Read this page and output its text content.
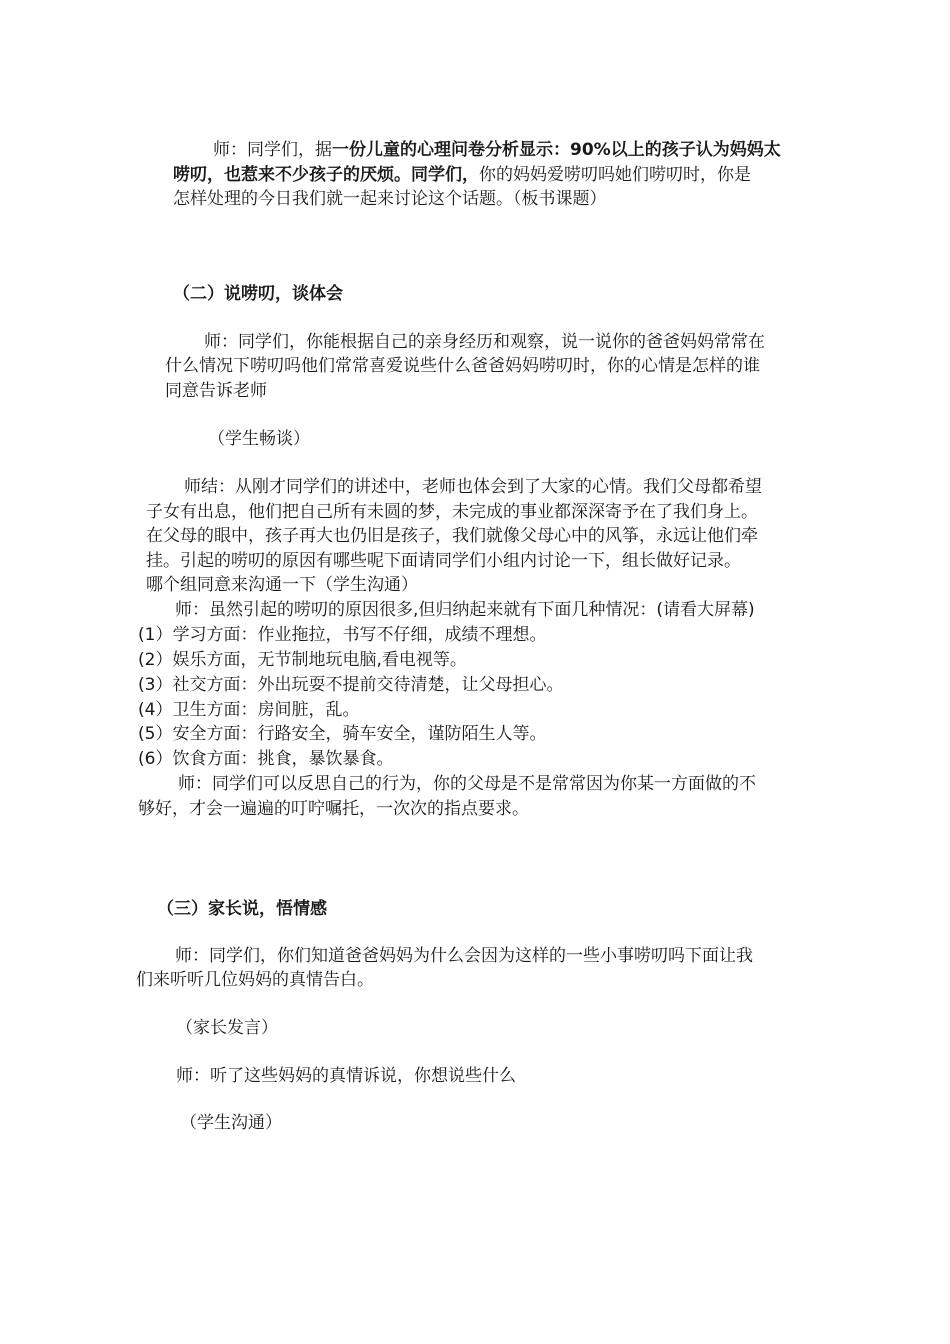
师：同学们，据一份儿童的心理问卷分析显示：90%以上的孩子认为妈妈太
唠叨，也惹来不少孩子的厌烦。同学们，你的妈妈爱唠叨吗她们唠叨时，你是
怎样处理的今日我们就一起来讨论这个话题。（板书课题）
（二）说唠叨，谈体会
师：同学们，你能根据自己的亲身经历和观察，说一说你的爸爸妈妈常常在
什么情况下唠叨吗他们常常喜爱说些什么爸爸妈妈唠叨时，你的心情是怎样的谁
同意告诉老师
（学生畅谈）
师结：从刚才同学们的讲述中，老师也体会到了大家的心情。我们父母都希望
子女有出息，他们把自己所有未圆的梦，未完成的事业都深深寄予在了我们身上。
在父母的眼中，孩子再大也仍旧是孩子，我们就像父母心中的风筝，永远让他们牵
挂。引起的唠叨的原因有哪些呢下面请同学们小组内讨论一下，组长做好记录。
哪个组同意来沟通一下（学生沟通）
师：虽然引起的唠叨的原因很多,但归纳起来就有下面几种情况：(请看大屏幕)
(1）学习方面：作业拖拉，书写不仔细，成绩不理想。
(2）娱乐方面，无节制地玩电脑,看电视等。
(3）社交方面：外出玩耍不提前交待清楚，让父母担心。
(4）卫生方面：房间脏，乱。
(5）安全方面：行路安全，骑车安全，谨防陌生人等。
(6）饮食方面：挑食，暴饮暴食。
师：同学们可以反思自己的行为，你的父母是不是常常因为你某一方面做的不
够好，才会一遍遍的叮咛嘱托，一次次的指点要求。
（三）家长说，悟情感
师：同学们，你们知道爸爸妈妈为什么会因为这样的一些小事唠叨吗下面让我
们来听听几位妈妈的真情告白。
（家长发言）
师：听了这些妈妈的真情诉说，你想说些什么
（学生沟通）
